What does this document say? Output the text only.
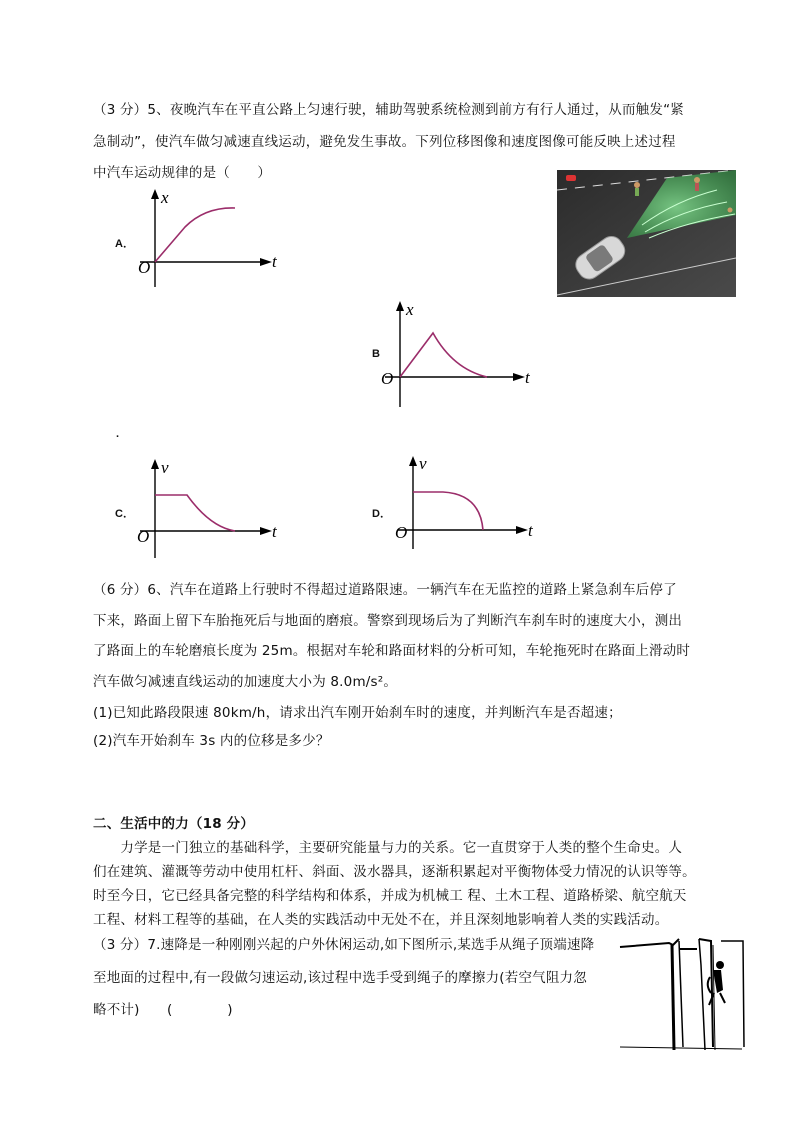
（3 分）5、夜晚汽车在平直公路上匀速行驶，辅助驾驶系统检测到前方有行人通过，从而触发“紧
急制动”，使汽车做匀减速直线运动，避免发生事故。下列位移图像和速度图像可能反映上述过程
中汽车运动规律的是（　　）
A．
x
t
O
B
x
t
O
.
C．
v
t
O
D．
v
t
O
（6 分）6、汽车在道路上行驶时不得超过道路限速。一辆汽车在无监控的道路上紧急刹车后停了
下来，路面上留下车胎拖死后与地面的磨痕。警察到现场后为了判断汽车刹车时的速度大小，测出
了路面上的车轮磨痕长度为 25m。根据对车轮和路面材料的分析可知，车轮拖死时在路面上滑动时
汽车做匀减速直线运动的加速度大小为 8.0m/s²。
(1)已知此路段限速 80km/h，请求出汽车刚开始刹车时的速度，并判断汽车是否超速；
(2)汽车开始刹车 3s 内的位移是多少？
二、生活中的力（18 分）
　　力学是一门独立的基础科学，主要研究能量与力的关系。它一直贯穿于人类的整个生命史。人
们在建筑、灌溉等劳动中使用杠杆、斜面、汲水器具，逐渐积累起对平衡物体受力情况的认识等等。
时至今日，它已经具备完整的科学结构和体系，并成为机械工 程、土木工程、道路桥梁、航空航天
工程、材料工程等的基础，在人类的实践活动中无处不在，并且深刻地影响着人类的实践活动。
（3 分）7.速降是一种刚刚兴起的户外休闲运动,如下图所示,某选手从绳子顶端速降
至地面的过程中,有一段做匀速运动,该过程中选手受到绳子的摩擦力(若空气阻力忽
略不计)　　(　　　　)
